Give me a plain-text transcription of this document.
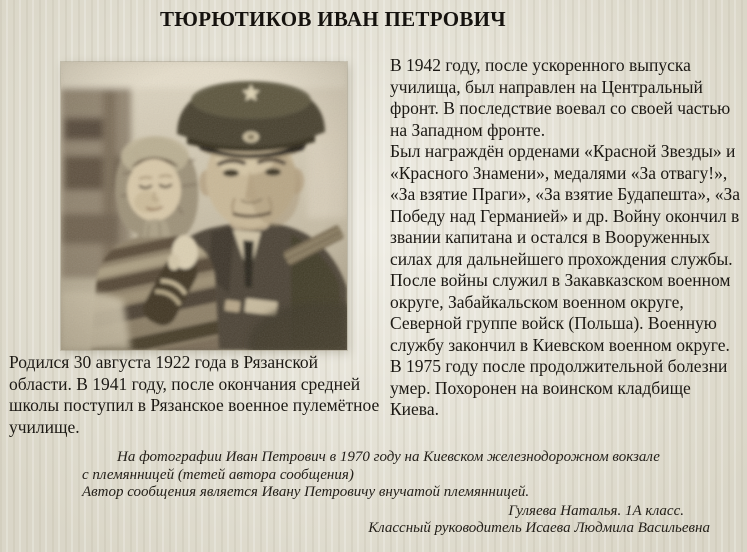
ТЮРЮТИКОВ ИВАН ПЕТРОВИЧ

В 1942 году, после ускоренного выпуска училища, был направлен на Центральный фронт. В последствие воевал со своей частью на Западном фронте.

Был награждён орденами «Красной Звезды» и «Красного Знамени», медалями «За отвагу!», «За взятие Праги», «За взятие Будапешта», «За Победу над Германией» и др. Войну окончил в звании капитана и остался в Вооруженных силах для дальнейшего прохождения службы. После войны служил в Закавказском военном округе, Забайкальском военном округе, Северной группе войск (Польша). Военную службу закончил в Киевском военном округе. В 1975 году после продолжительной болезни умер. Похоронен на воинском кладбище Киева.

Родился 30 августа 1922 года в Рязанской области. В 1941 году, после окончания средней школы поступил в Рязанское военное пулемётное училище.

На фотографии Иван Петрович в 1970 году на Киевском железнодорожном вокзале

с племянницей (тетей автора сообщения)

Автор сообщения является Ивану Петровичу внучатой племянницей.

Гуляева Наталья. 1А класс.

Классный руководитель Исаева Людмила Васильевна
